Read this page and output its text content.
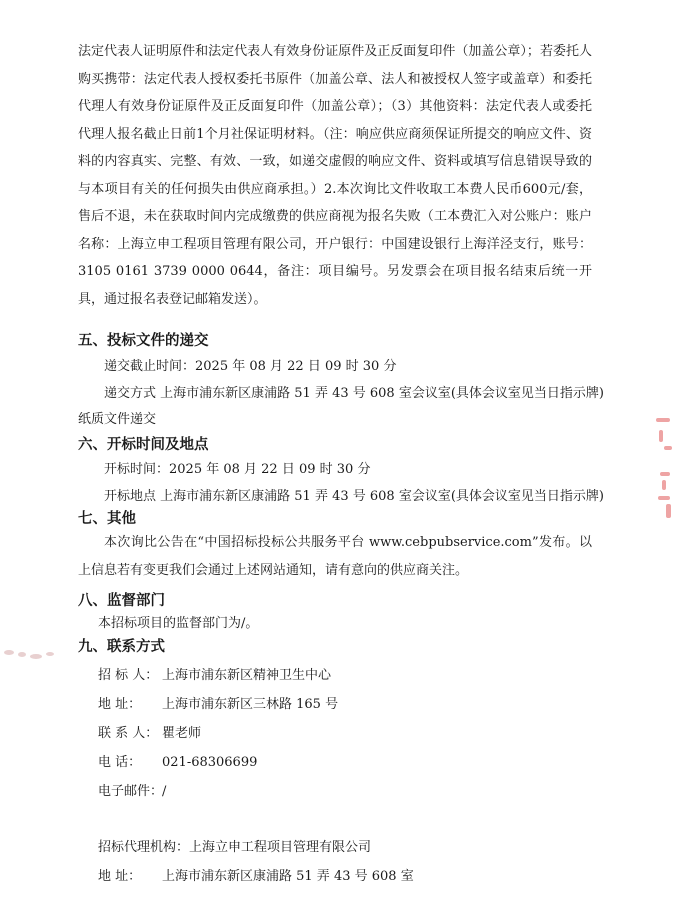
法定代表人证明原件和法定代表人有效身份证原件及正反面复印件（加盖公章）；若委托人购买携带：法定代表人授权委托书原件（加盖公章、法人和被授权人签字或盖章）和委托代理人有效身份证原件及正反面复印件（加盖公章）；（3）其他资料：法定代表人或委托代理人报名截止日前1个月社保证明材料。（注：响应供应商须保证所提交的响应文件、资料的内容真实、完整、有效、一致，如递交虚假的响应文件、资料或填写信息错误导致的与本项目有关的任何损失由供应商承担。）2.本次询比文件收取工本费人民币600元/套，售后不退，未在获取时间内完成缴费的供应商视为报名失败（工本费汇入对公账户：账户名称：上海立申工程项目管理有限公司，开户银行：中国建设银行上海洋泾支行，账号：3105 0161 3739 0000 0644，备注：项目编号。另发票会在项目报名结束后统一开具，通过报名表登记邮箱发送）。

五、投标文件的递交
递交截止时间：2025 年 08 月 22 日 09 时 30 分
递交方式 上海市浦东新区康浦路 51 弄 43 号 608 室会议室(具体会议室见当日指示牌)
纸质文件递交
六、开标时间及地点
开标时间：2025 年 08 月 22 日 09 时 30 分
开标地点 上海市浦东新区康浦路 51 弄 43 号 608 室会议室(具体会议室见当日指示牌)
七、其他

本次询比公告在“中国招标投标公共服务平台 www.cebpubservice.com”发布。以上信息若有变更我们会通过上述网站通知，请有意向的供应商关注。

八、监督部门
本招标项目的监督部门为/。
九、联系方式
招 标 人： 上海市浦东新区精神卫生中心
地 址： 上海市浦东新区三林路 165 号
联 系 人： 瞿老师
电 话： 021-68306699
电子邮件：/
招标代理机构：上海立申工程项目管理有限公司
地 址： 上海市浦东新区康浦路 51 弄 43 号 608 室
